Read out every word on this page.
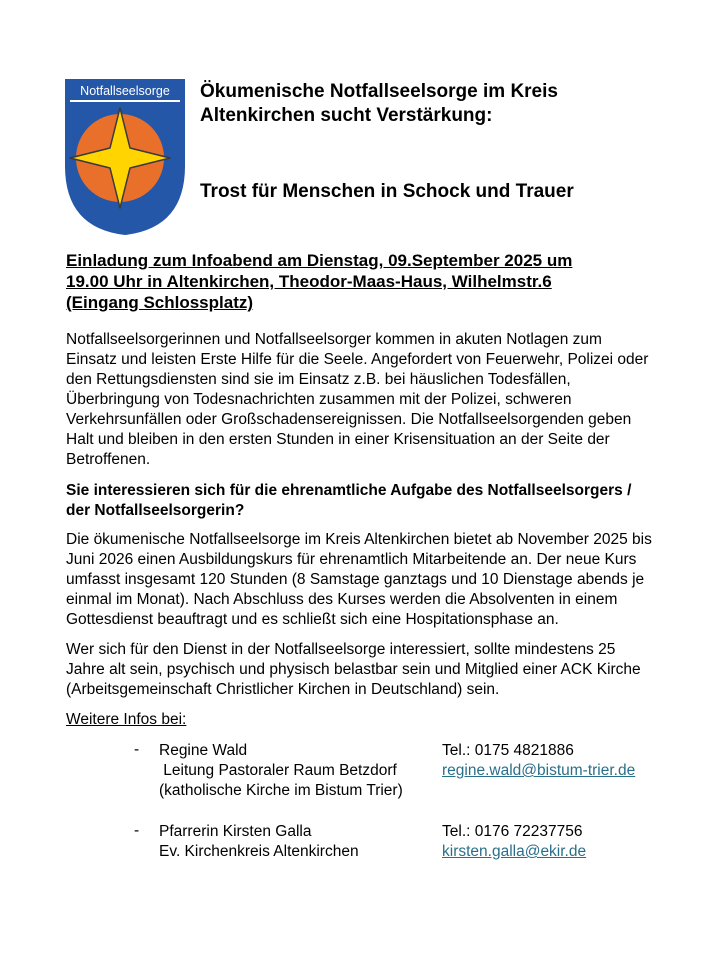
Notfallseelsorge Ökumenische Notfallseelsorge im Kreis
Altenkirchen sucht Verstärkung:
Trost für Menschen in Schock und Trauer
Einladung zum Infoabend am Dienstag, 09.September 2025 um
19.00 Uhr in Altenkirchen, Theodor-Maas-Haus, Wilhelmstr.6
(Eingang Schlossplatz)
Notfallseelsorgerinnen und Notfallseelsorger kommen in akuten Notlagen zum
Einsatz und leisten Erste Hilfe für die Seele. Angefordert von Feuerwehr, Polizei oder
den Rettungsdiensten sind sie im Einsatz z.B. bei häuslichen Todesfällen,
Überbringung von Todesnachrichten zusammen mit der Polizei, schweren
Verkehrsunfällen oder Großschadensereignissen. Die Notfallseelsorgenden geben
Halt und bleiben in den ersten Stunden in einer Krisensituation an der Seite der
Betroffenen.
Sie interessieren sich für die ehrenamtliche Aufgabe des Notfallseelsorgers /
der Notfallseelsorgerin?
Die ökumenische Notfallseelsorge im Kreis Altenkirchen bietet ab November 2025 bis
Juni 2026 einen Ausbildungskurs für ehrenamtlich Mitarbeitende an. Der neue Kurs
umfasst insgesamt 120 Stunden (8 Samstage ganztags und 10 Dienstage abends je
einmal im Monat). Nach Abschluss des Kurses werden die Absolventen in einem
Gottesdienst beauftragt und es schließt sich eine Hospitationsphase an.
Wer sich für den Dienst in der Notfallseelsorge interessiert, sollte mindestens 25
Jahre alt sein, psychisch und physisch belastbar sein und Mitglied einer ACK Kirche
(Arbeitsgemeinschaft Christlicher Kirchen in Deutschland) sein.
Weitere Infos bei:
- Regine Wald
Leitung Pastoraler Raum Betzdorf
(katholische Kirche im Bistum Trier)
Tel.: 0175 4821886
regine.wald@bistum-trier.de
- Pfarrerin Kirsten Galla
Ev. Kirchenkreis Altenkirchen
Tel.: 0176 72237756
kirsten.galla@ekir.de
